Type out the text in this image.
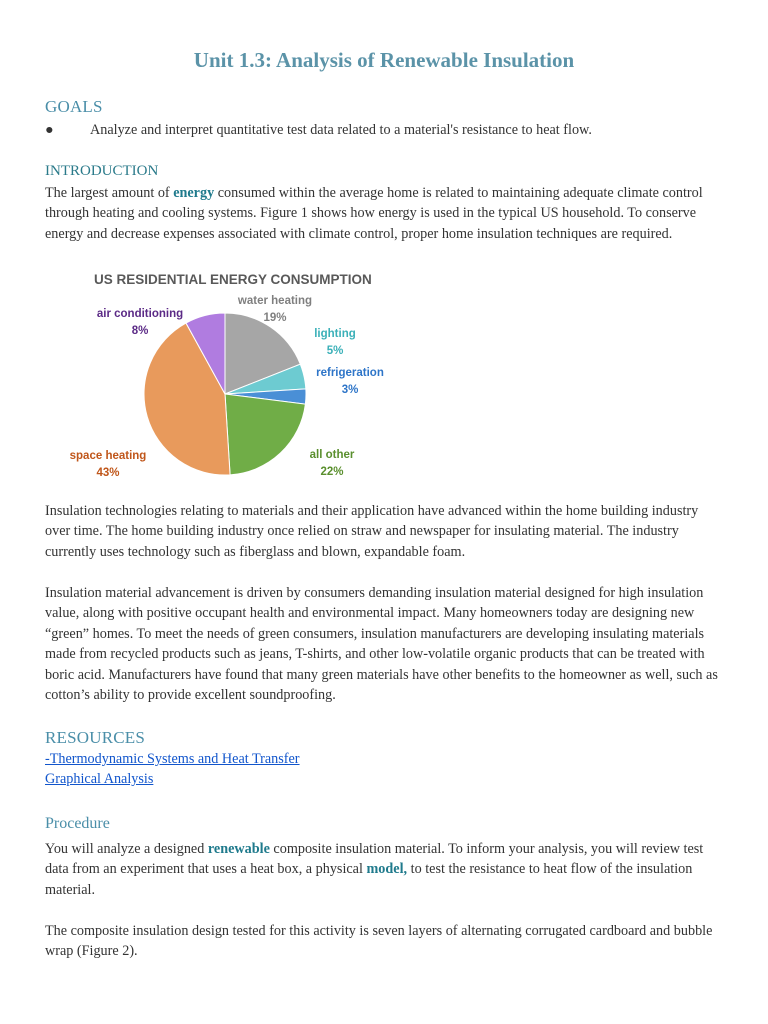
Unit 1.3: Analysis of Renewable Insulation
GOALS
●	Analyze and interpret quantitative test data related to a material's resistance to heat flow.
INTRODUCTION
The largest amount of energy consumed within the average home is related to maintaining adequate climate control through heating and cooling systems. Figure 1 shows how energy is used in the typical US household. To conserve energy and decrease expenses associated with climate control, proper home insulation techniques are required.
US RESIDENTIAL ENERGY CONSUMPTION
water heating
19%
lighting
5%
refrigeration
3%
all other
22%
space heating
43%
air conditioning
8%
Insulation technologies relating to materials and their application have advanced within the home building industry over time. The home building industry once relied on straw and newspaper for insulating material. The industry currently uses technology such as fiberglass and blown, expandable foam.
Insulation material advancement is driven by consumers demanding insulation material designed for high insulation value, along with positive occupant health and environmental impact. Many homeowners today are designing new “green” homes. To meet the needs of green consumers, insulation manufacturers are developing insulating materials made from recycled products such as jeans, T-shirts, and other low-volatile organic products that can be treated with boric acid. Manufacturers have found that many green materials have other benefits to the homeowner as well, such as cotton’s ability to provide excellent soundproofing.
RESOURCES
-Thermodynamic Systems and Heat Transfer
Graphical Analysis
Procedure
You will analyze a designed renewable composite insulation material. To inform your analysis, you will review test data from an experiment that uses a heat box, a physical model, to test the resistance to heat flow of the insulation material.
The composite insulation design tested for this activity is seven layers of alternating corrugated cardboard and bubble wrap (Figure 2).
